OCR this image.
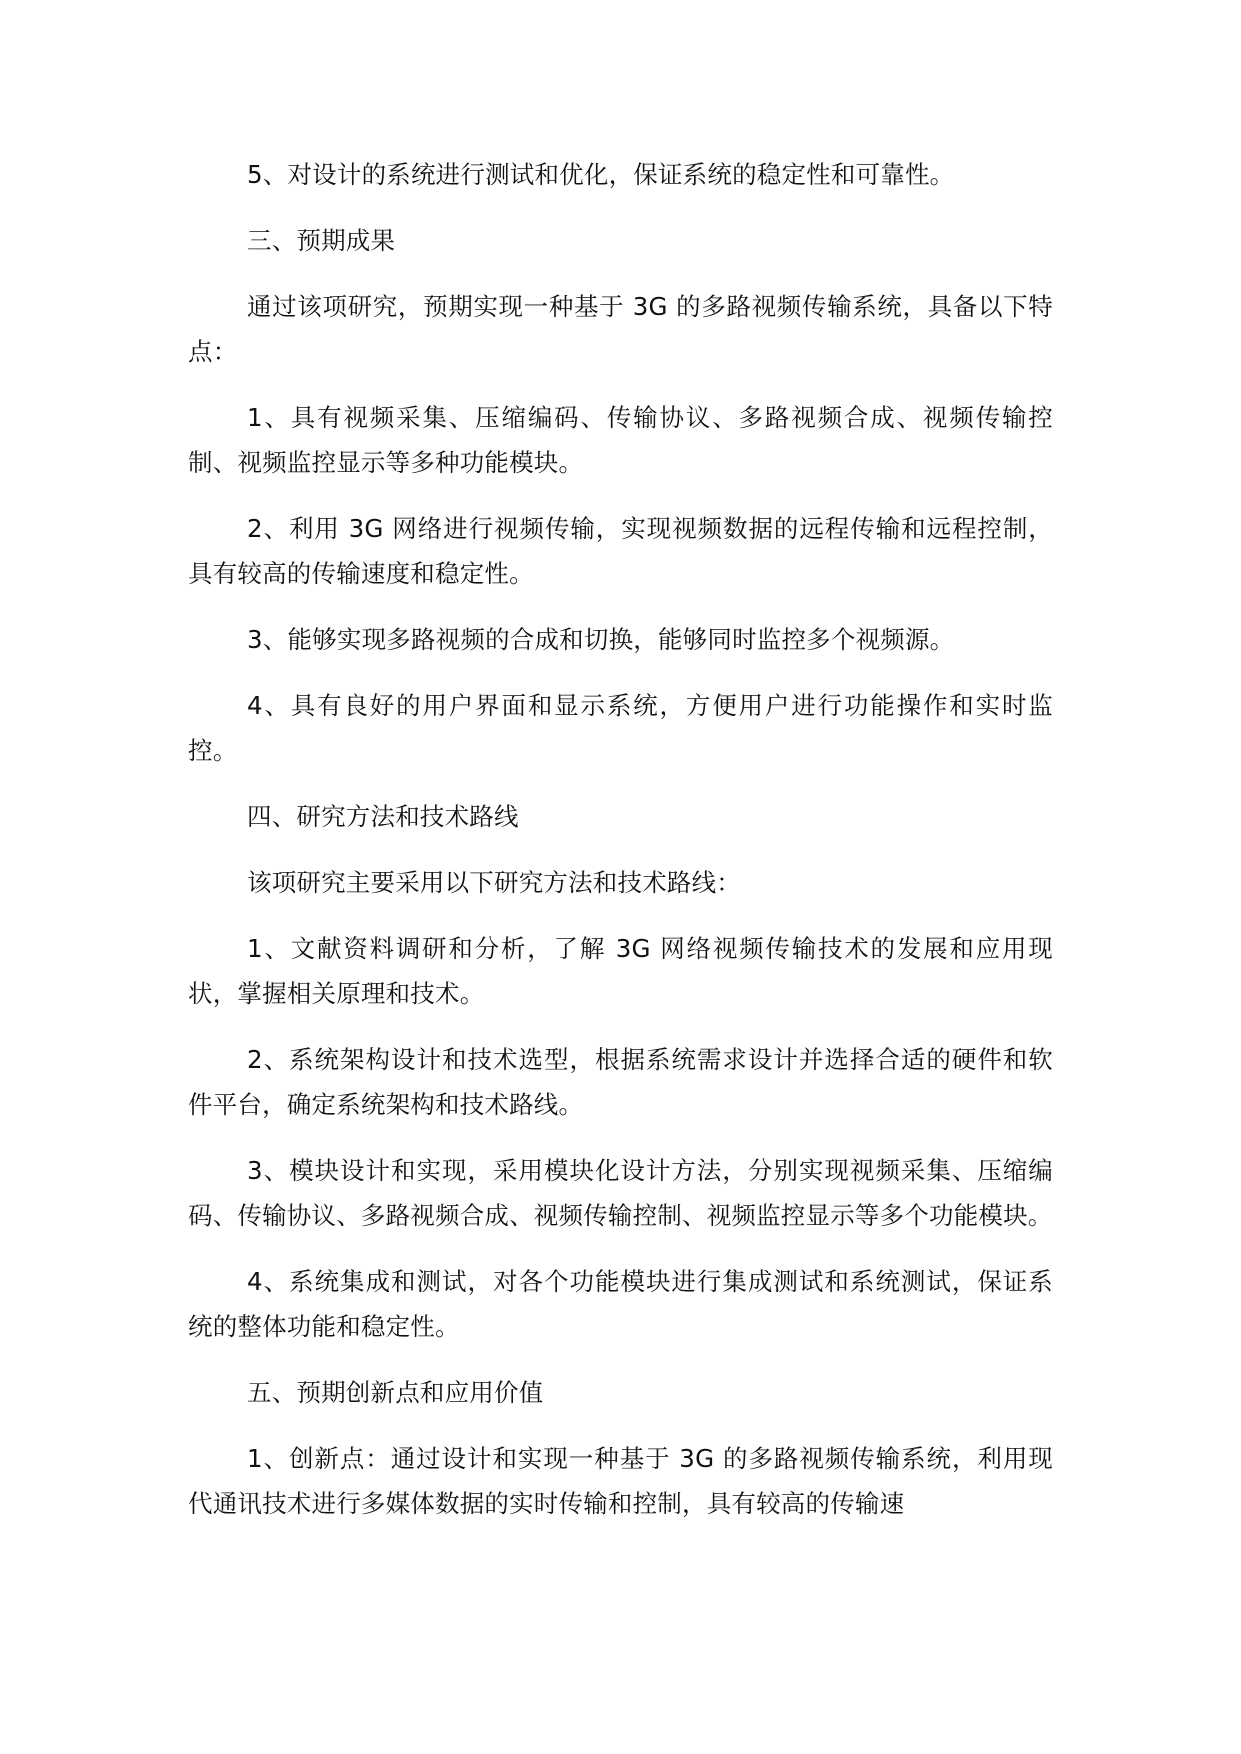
5、对设计的系统进行测试和优化，保证系统的稳定性和可靠性。

三、预期成果

通过该项研究，预期实现一种基于 3G 的多路视频传输系统，具备以下特点：

1、具有视频采集、压缩编码、传输协议、多路视频合成、视频传输控制、视频监控显示等多种功能模块。

2、利用 3G 网络进行视频传输，实现视频数据的远程传输和远程控制，具有较高的传输速度和稳定性。

3、能够实现多路视频的合成和切换，能够同时监控多个视频源。

4、具有良好的用户界面和显示系统，方便用户进行功能操作和实时监控。

四、研究方法和技术路线

该项研究主要采用以下研究方法和技术路线：

1、文献资料调研和分析，了解 3G 网络视频传输技术的发展和应用现状，掌握相关原理和技术。

2、系统架构设计和技术选型，根据系统需求设计并选择合适的硬件和软件平台，确定系统架构和技术路线。

3、模块设计和实现，采用模块化设计方法，分别实现视频采集、压缩编码、传输协议、多路视频合成、视频传输控制、视频监控显示等多个功能模块。

4、系统集成和测试，对各个功能模块进行集成测试和系统测试，保证系统的整体功能和稳定性。

五、预期创新点和应用价值

1、创新点：通过设计和实现一种基于 3G 的多路视频传输系统，利用现代通讯技术进行多媒体数据的实时传输和控制，具有较高的传输速
